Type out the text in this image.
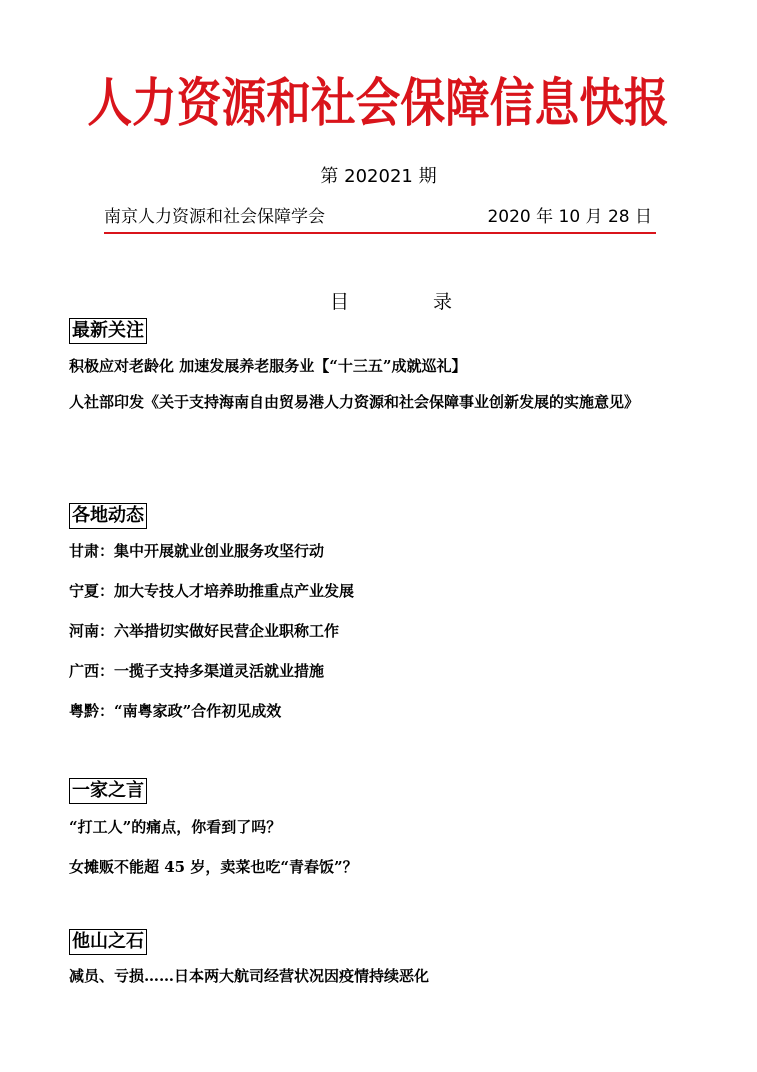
人力资源和社会保障信息快报
第 202021 期
南京人力资源和社会保障学会	2020 年 10 月 28 日
目 录
最新关注

积极应对老龄化 加速发展养老服务业【“十三五”成就巡礼】

人社部印发《关于支持海南自由贸易港人力资源和社会保障事业创新发展的实施意见》

各地动态

甘肃：集中开展就业创业服务攻坚行动

宁夏：加大专技人才培养助推重点产业发展

河南：六举措切实做好民营企业职称工作

广西：一揽子支持多渠道灵活就业措施

粤黔：“南粤家政”合作初见成效

一家之言

“打工人”的痛点，你看到了吗？

女摊贩不能超 45 岁，卖菜也吃“青春饭”？

他山之石

减员、亏损……日本两大航司经营状况因疫情持续恶化
